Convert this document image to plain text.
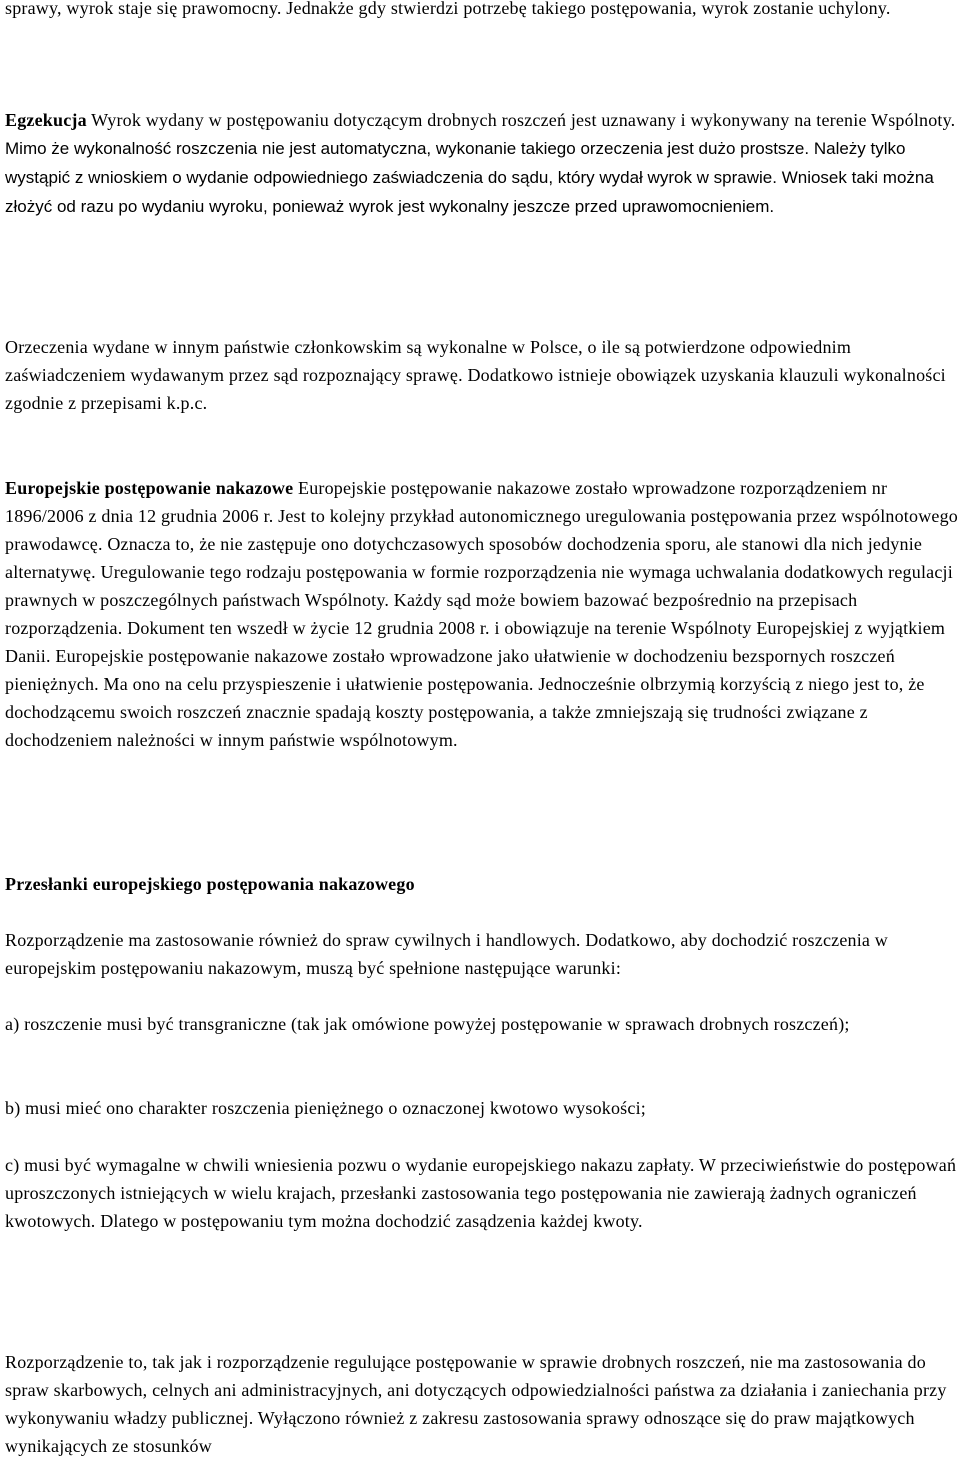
sprawy, wyrok staje się prawomocny. Jednakże gdy stwierdzi potrzebę takiego postępowania, wyrok zostanie uchylony.

Egzekucja Wyrok wydany w postępowaniu dotyczącym drobnych roszczeń jest uznawany i wykonywany na terenie Wspólnoty. Mimo że wykonalność roszczenia nie jest automatyczna, wykonanie takiego orzeczenia jest dużo prostsze. Należy tylko wystąpić z wnioskiem o wydanie odpowiedniego zaświadczenia do sądu, który wydał wyrok w sprawie. Wniosek taki można złożyć od razu po wydaniu wyroku, ponieważ wyrok jest wykonalny jeszcze przed uprawomocnieniem.

Orzeczenia wydane w innym państwie członkowskim są wykonalne w Polsce, o ile są potwierdzone odpowiednim zaświadczeniem wydawanym przez sąd rozpoznający sprawę. Dodatkowo istnieje obowiązek uzyskania klauzuli wykonalności zgodnie z przepisami k.p.c.

Europejskie postępowanie nakazowe Europejskie postępowanie nakazowe zostało wprowadzone rozporządzeniem nr 1896/2006 z dnia 12 grudnia 2006 r. Jest to kolejny przykład autonomicznego uregulowania postępowania przez wspólnotowego prawodawcę. Oznacza to, że nie zastępuje ono dotychczasowych sposobów dochodzenia sporu, ale stanowi dla nich jedynie alternatywę. Uregulowanie tego rodzaju postępowania w formie rozporządzenia nie wymaga uchwalania dodatkowych regulacji prawnych w poszczególnych państwach Wspólnoty. Każdy sąd może bowiem bazować bezpośrednio na przepisach rozporządzenia. Dokument ten wszedł w życie 12 grudnia 2008 r. i obowiązuje na terenie Wspólnoty Europejskiej z wyjątkiem Danii. Europejskie postępowanie nakazowe zostało wprowadzone jako ułatwienie w dochodzeniu bezspornych roszczeń pieniężnych. Ma ono na celu przyspieszenie i ułatwienie postępowania. Jednocześnie olbrzymią korzyścią z niego jest to, że dochodzącemu swoich roszczeń znacznie spadają koszty postępowania, a także zmniejszają się trudności związane z dochodzeniem należności w innym państwie wspólnotowym.

Przesłanki europejskiego postępowania nakazowego

Rozporządzenie ma zastosowanie również do spraw cywilnych i handlowych. Dodatkowo, aby dochodzić roszczenia w europejskim postępowaniu nakazowym, muszą być spełnione następujące warunki:

a) roszczenie musi być transgraniczne (tak jak omówione powyżej postępowanie w sprawach drobnych roszczeń);

b) musi mieć ono charakter roszczenia pieniężnego o oznaczonej kwotowo wysokości;

c) musi być wymagalne w chwili wniesienia pozwu o wydanie europejskiego nakazu zapłaty. W przeciwieństwie do postępowań uproszczonych istniejących w wielu krajach, przesłanki zastosowania tego postępowania nie zawierają żadnych ograniczeń kwotowych. Dlatego w postępowaniu tym można dochodzić zasądzenia każdej kwoty.

Rozporządzenie to, tak jak i rozporządzenie regulujące postępowanie w sprawie drobnych roszczeń, nie ma zastosowania do spraw skarbowych, celnych ani administracyjnych, ani dotyczących odpowiedzialności państwa za działania i zaniechania przy wykonywaniu władzy publicznej. Wyłączono również z zakresu zastosowania sprawy odnoszące się do praw majątkowych wynikających ze stosunków
